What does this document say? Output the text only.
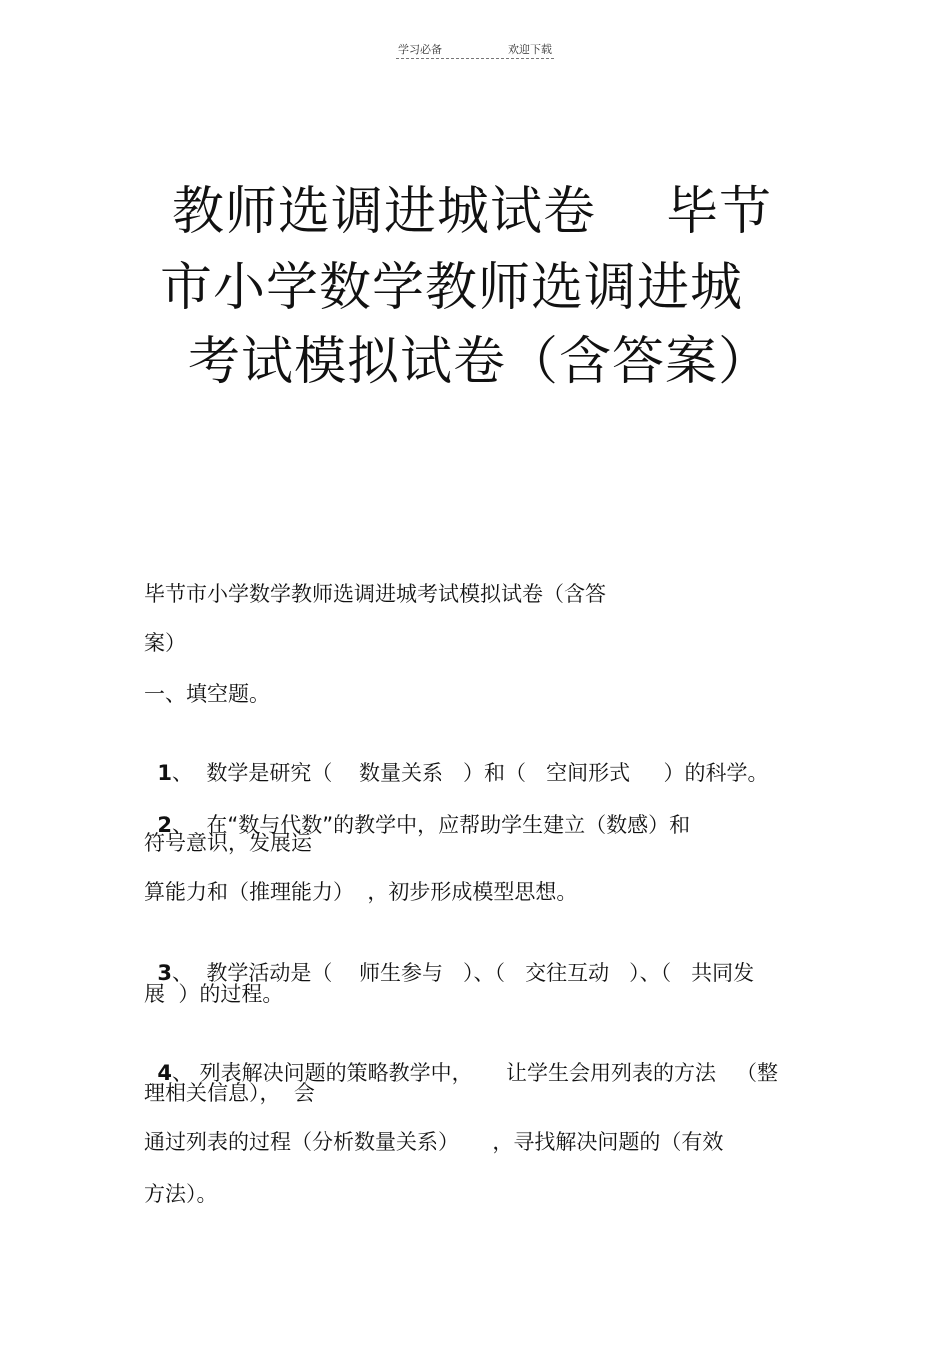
学习必备	欢迎下载
教师选调进城试卷    毕节
市小学数学教师选调进城
考试模拟试卷（含答案）
毕节市小学数学教师选调进城考试模拟试卷（含答
案）
一、填空题。

1、  数学是研究（    数量关系   ）和（   空间形式     ）的科学。

2、  在“数与代数”的教学中，应帮助学生建立（数感）和

符号意识，发展运
算能力和（推理能力）  ，初步形成模型思想。

3、  教学活动是（    师生参与   ）、（   交往互动   ）、（   共同发

展  ）的过程。

4、 列表解决问题的策略教学中，     让学生会用列表的方法   （整

理相关信息），  会
通过列表的过程（分析数量关系）     ，寻找解决问题的（有效
方法）。
